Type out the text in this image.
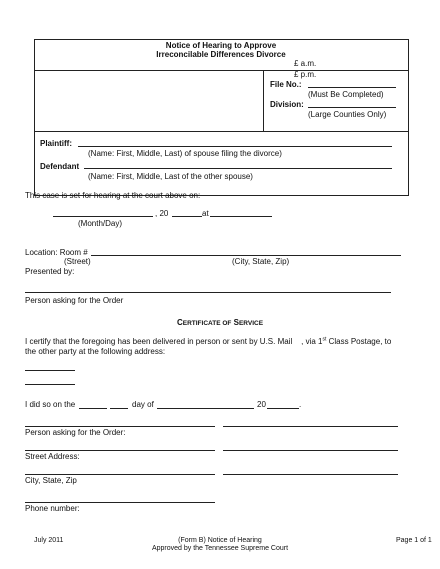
Notice of Hearing to Approve
Irreconcilable Differences Divorce
£ a.m.
£ p.m.
File No.:
(Must Be Completed)
Division:
(Large Counties Only)
Plaintiff:
(Name: First, Middle, Last) of spouse filing the divorce)
Defendant
(Name: First, Middle, Last of the other spouse)
This case is set for hearing at the court above on:
, 20	at
(Month/Day)
Location: Room #
(Street)	(City, State, Zip)
Presented by:
Person asking for the Order
CERTIFICATE OF SERVICE
I certify that the foregoing has been delivered in person or sent by U.S. Mail , via 1st Class Postage, to
the other party at the following address:
I did so on the	day of	20	.
Person asking for the Order:
Street Address:
City, State, Zip
Phone number:
July 2011	(Form B) Notice of Hearing
Approved by the Tennessee Supreme Court
Page 1 of 1
